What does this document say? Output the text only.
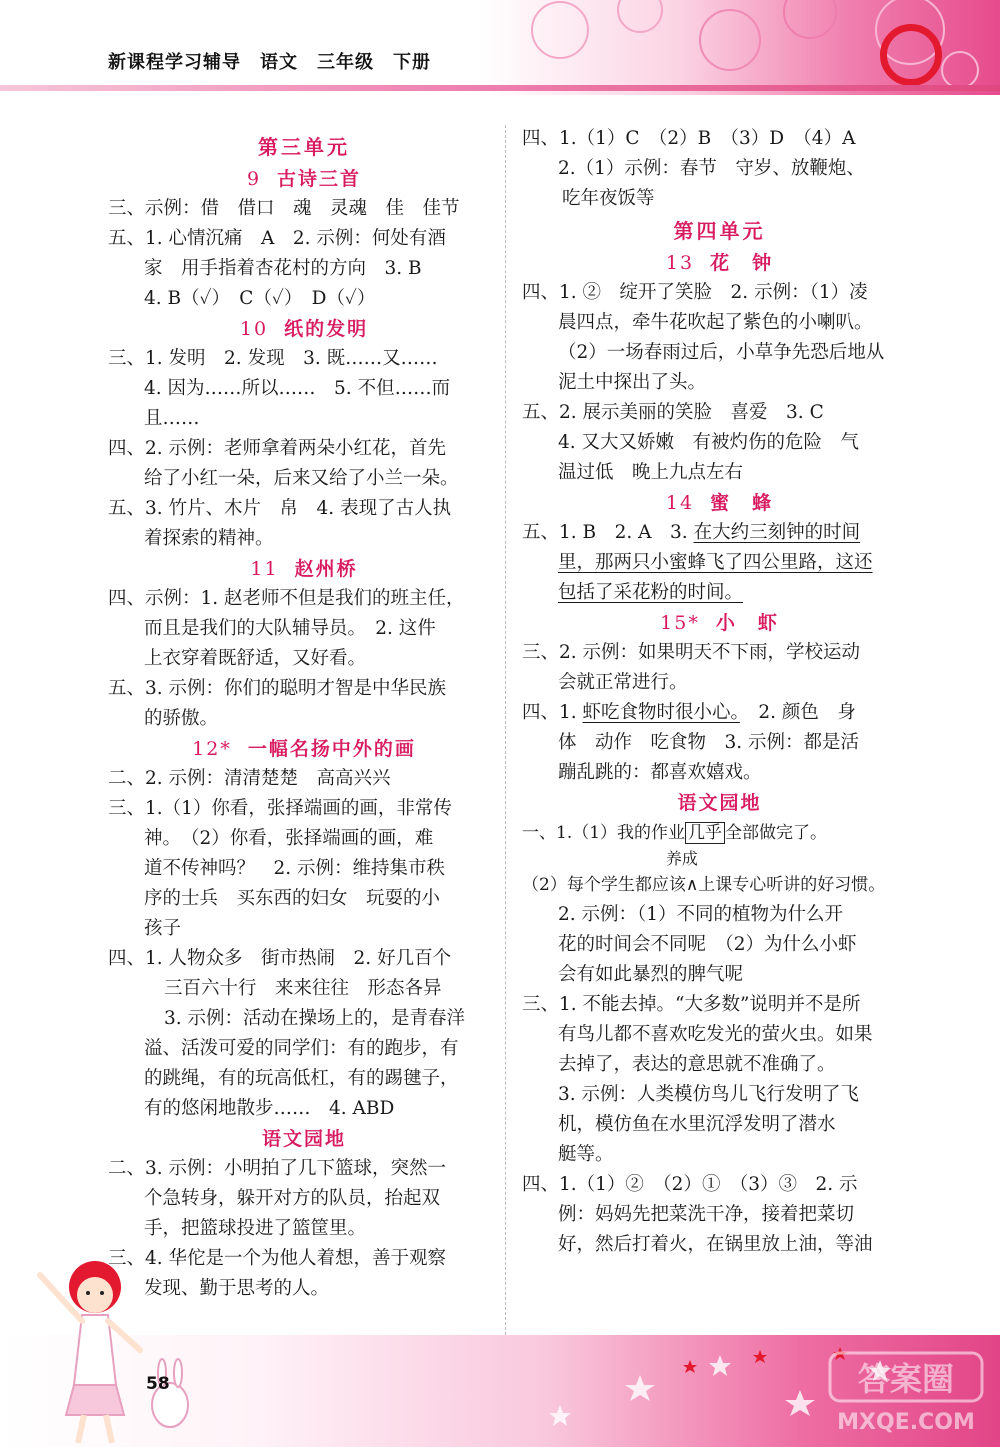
新课程学习辅导　语文　三年级　下册
第三单元
9 古诗三首

三、示例：借　借口　魂　灵魂　佳　佳节

五、1. 心情沉痛　A　2. 示例：何处有酒

家　用手指着杏花村的方向　3. B

4. B（✓）　C（✓）　D（✓）

10 纸的发明

三、1. 发明　2. 发现　3. 既……又……

4. 因为……所以……　5. 不但……而

且……

四、2. 示例：老师拿着两朵小红花，首先

给了小红一朵，后来又给了小兰一朵。

五、3. 竹片、木片　帛　4. 表现了古人执

着探索的精神。

11 赵州桥

四、示例：1. 赵老师不但是我们的班主任，

而且是我们的大队辅导员。　2. 这件

上衣穿着既舒适，又好看。

五、3. 示例：你们的聪明才智是中华民族

的骄傲。

12* 一幅名扬中外的画

二、2. 示例：清清楚楚　高高兴兴

三、1.（1）你看，张择端画的画，非常传

神。　（2）你看，张择端画的画，难

道不传神吗？　2. 示例：维持集市秩

序的士兵　买东西的妇女　玩耍的小

孩子

四、1. 人物众多　街市热闹　2. 好几百个

三百六十行　来来往往　形态各异

3. 示例：活动在操场上的，是青春洋

溢、活泼可爱的同学们：有的跑步，有

的跳绳，有的玩高低杠，有的踢毽子，

有的悠闲地散步……　4. ABD

语文园地

二、3. 示例：小明拍了几下篮球，突然一

个急转身，躲开对方的队员，抬起双

手，把篮球投进了篮筐里。

三、4. 华佗是一个为他人着想，善于观察

发现、勤于思考的人。

四、1.（1）C　（2）B　（3）D　（4）A

2.（1）示例：春节　守岁、放鞭炮、

吃年夜饭等

第四单元
13 花　钟

四、1. ②　绽开了笑脸　2. 示例：（1）凌

晨四点，牵牛花吹起了紫色的小喇叭。

（2）一场春雨过后，小草争先恐后地从

泥土中探出了头。

五、2. 展示美丽的笑脸　喜爱　3. C

4. 又大又娇嫩　有被灼伤的危险　气

温过低　晚上九点左右

14 蜜　蜂

五、1. B　2. A　3. 在大约三刻钟的时间

里，那两只小蜜蜂飞了四公里路，这还

包括了采花粉的时间。

15* 小　虾

三、2. 示例：如果明天不下雨，学校运动

会就正常进行。

四、1. 虾吃食物时很小心。　2. 颜色　身

体　动作　吃食物　3. 示例：都是活

蹦乱跳的：都喜欢嬉戏。

语文园地

一、1.（1）我的作业 几乎 全部做完了。

（2）每个学生都应该∧
养成
上课专心听讲的好习惯。

2. 示例：（1）不同的植物为什么开

花的时间会不同呢　（2）为什么小虾

会有如此暴烈的脾气呢

三、1. 不能去掉。“大多数”说明并不是所

有鸟儿都不喜欢吃发光的萤火虫。如果

去掉了，表达的意思就不准确了。

3. 示例：人类模仿鸟儿飞行发明了飞

机，模仿鱼在水里沉浮发明了潜水

艇等。

四、1.（1）②　（2）①　（3）③　2. 示

例：妈妈先把菜洗干净，接着把菜切

好，然后打着火，在锅里放上油，等油

58	答案圈
MXQE.COM
